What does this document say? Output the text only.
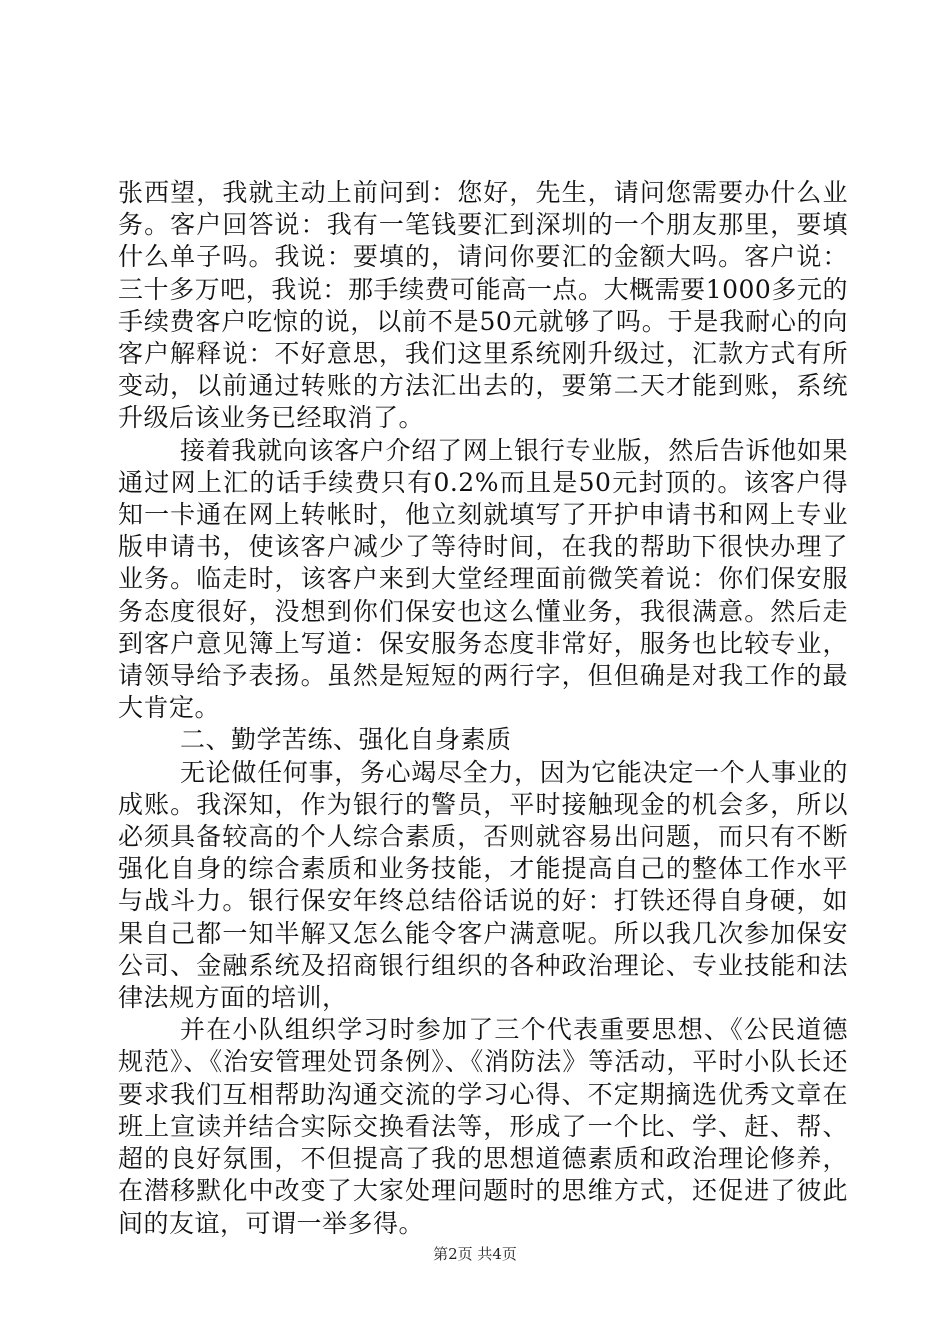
张西望，我就主动上前问到：您好，先生，请问您需要办什么业务。客户回答说：我有一笔钱要汇到深圳的一个朋友那里，要填什么单子吗。我说：要填的，请问你要汇的金额大吗。客户说：三十多万吧，我说：那手续费可能高一点。大概需要1000多元的手续费客户吃惊的说，以前不是50元就够了吗。于是我耐心的向客户解释说：不好意思，我们这里系统刚升级过，汇款方式有所变动，以前通过转账的方法汇出去的，要第二天才能到账，系统升级后该业务已经取消了。

接着我就向该客户介绍了网上银行专业版，然后告诉他如果通过网上汇的话手续费只有0.2%而且是50元封顶的。该客户得知一卡通在网上转帐时，他立刻就填写了开护申请书和网上专业版申请书，使该客户减少了等待时间，在我的帮助下很快办理了业务。临走时，该客户来到大堂经理面前微笑着说：你们保安服务态度很好，没想到你们保安也这么懂业务，我很满意。然后走到客户意见簿上写道：保安服务态度非常好，服务也比较专业，请领导给予表扬。虽然是短短的两行字，但但确是对我工作的最大肯定。

二、勤学苦练、强化自身素质

无论做任何事，务心竭尽全力，因为它能决定一个人事业的成账。我深知，作为银行的警员，平时接触现金的机会多，所以必须具备较高的个人综合素质，否则就容易出问题，而只有不断强化自身的综合素质和业务技能，才能提高自己的整体工作水平与战斗力。银行保安年终总结俗话说的好：打铁还得自身硬，如果自己都一知半解又怎么能令客户满意呢。所以我几次参加保安公司、金融系统及招商银行组织的各种政治理论、专业技能和法律法规方面的培训，

并在小队组织学习时参加了三个代表重要思想、《公民道德规范》、《治安管理处罚条例》、《消防法》等活动，平时小队长还要求我们互相帮助沟通交流的学习心得、不定期摘选优秀文章在班上宣读并结合实际交换看法等，形成了一个比、学、赶、帮、超的良好氛围，不但提高了我的思想道德素质和政治理论修养，在潜移默化中改变了大家处理问题时的思维方式，还促进了彼此间的友谊，可谓一举多得。

第2页 共4页
